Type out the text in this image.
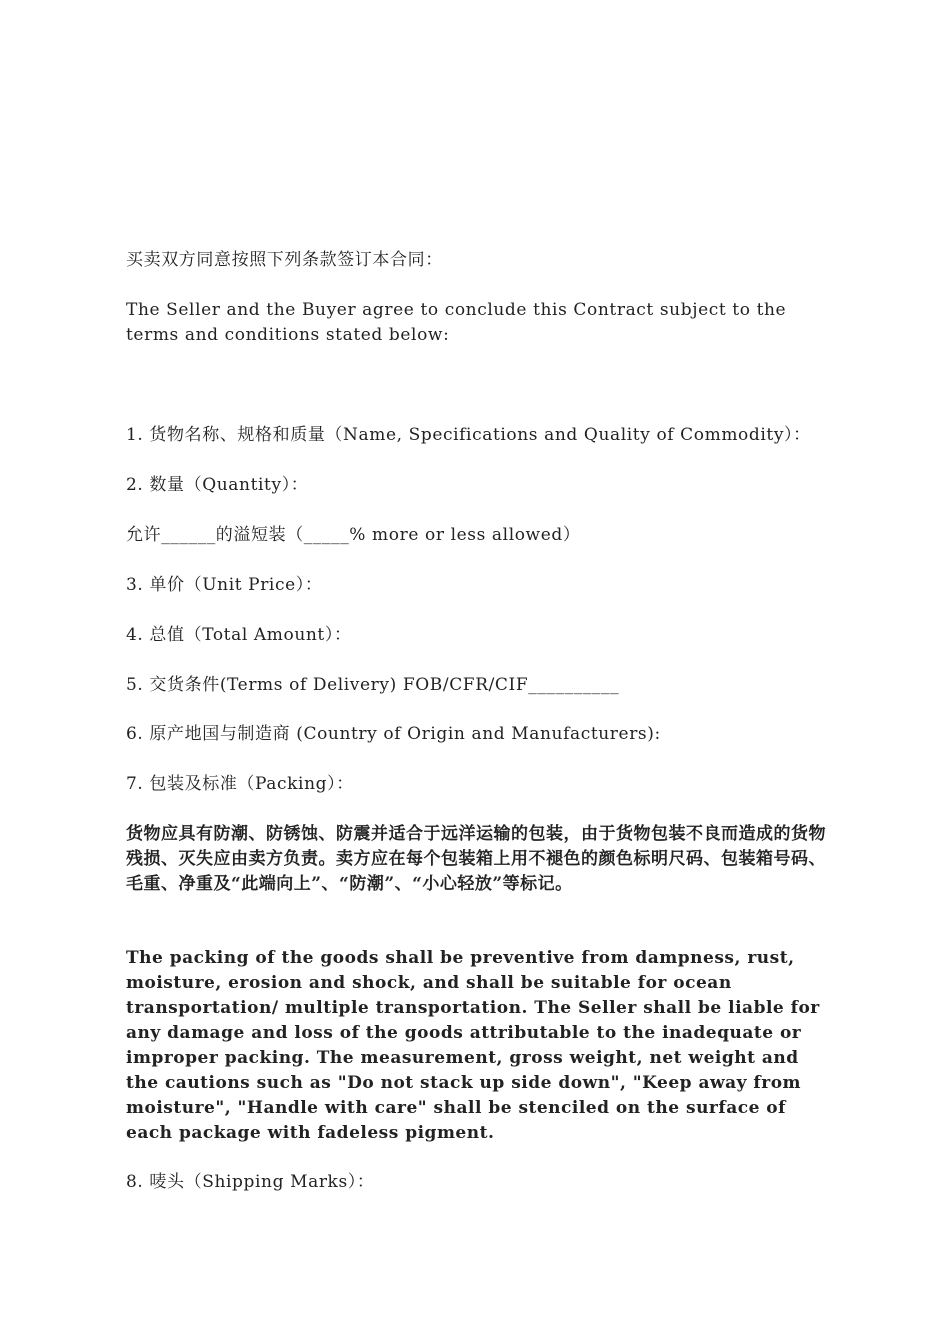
买卖双方同意按照下列条款签订本合同：

The Seller and the Buyer agree to conclude this Contract subject to the terms and conditions stated below:

1. 货物名称、规格和质量（Name, Specifications and Quality of Commodity）：

2. 数量（Quantity）：

允许______的溢短装（_____% more or less allowed）

3. 单价（Unit Price）：

4. 总值（Total Amount）：

5. 交货条件(Terms of Delivery) FOB/CFR/CIF__________

6. 原产地国与制造商 (Country of Origin and Manufacturers):

7. 包装及标准（Packing）：

货物应具有防潮、防锈蚀、防震并适合于远洋运输的包装，由于货物包装不良而造成的货物残损、灭失应由卖方负责。卖方应在每个包装箱上用不褪色的颜色标明尺码、包装箱号码、毛重、净重及“此端向上”、“防潮”、“小心轻放”等标记。

The packing of the goods shall be preventive from dampness, rust, moisture, erosion and shock, and shall be suitable for ocean transportation/ multiple transportation. The Seller shall be liable for any damage and loss of the goods attributable to the inadequate or improper packing. The measurement, gross weight, net weight and the cautions such as "Do not stack up side down", "Keep away from moisture", "Handle with care" shall be stenciled on the surface of each package with fadeless pigment.

8. 唛头（Shipping Marks）：
